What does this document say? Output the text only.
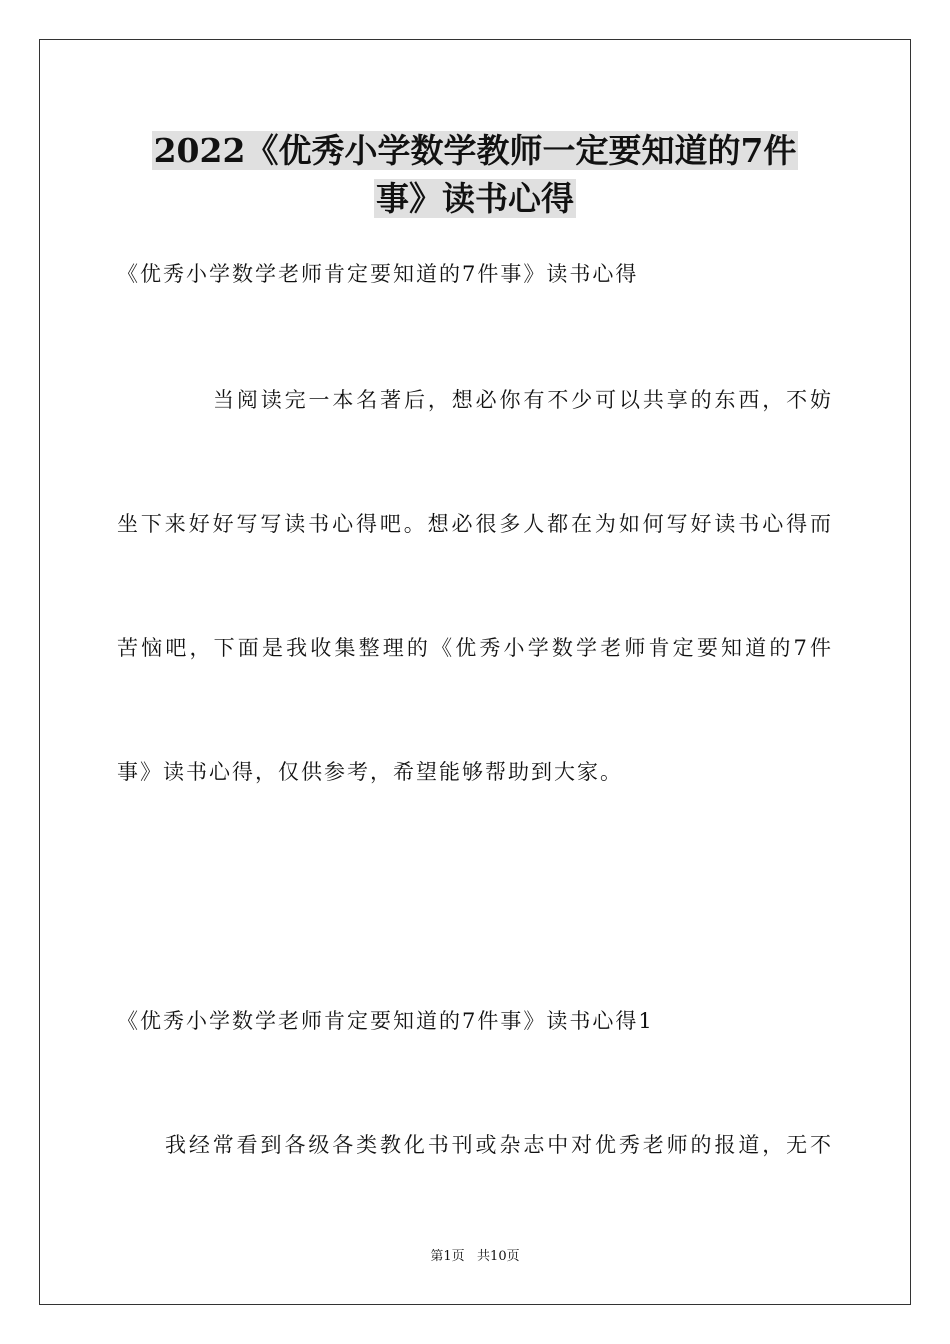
2022《优秀小学数学教师一定要知道的7件
事》读书心得

《优秀小学数学老师肯定要知道的7件事》读书心得

当阅读完一本名著后，想必你有不少可以共享的东西，不妨

坐下来好好写写读书心得吧。想必很多人都在为如何写好读书心得而

苦恼吧，下面是我收集整理的《优秀小学数学老师肯定要知道的7件

事》读书心得，仅供参考，希望能够帮助到大家。

《优秀小学数学老师肯定要知道的7件事》读书心得1

我经常看到各级各类教化书刊或杂志中对优秀老师的报道，无不

第1页   共10页
